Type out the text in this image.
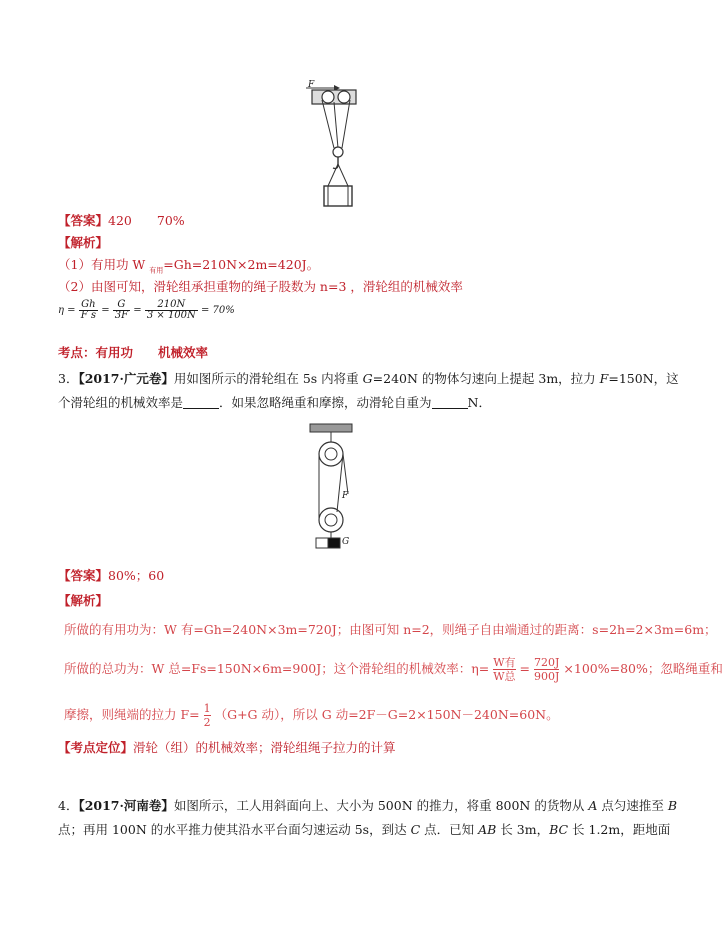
F
【答案】420　　70%
【解析】
（1）有用功 W $_{有用}$=Gh=210N×2m=420J。
（2）由图可知，滑轮组承担重物的绳子股数为 n=3 ，滑轮组的机械效率
$\eta = \frac{Gh}{\text{F s}} = \frac{G}{3F} = \frac{210N}{3 \times 100N} = 70\%$
考点：有用功　　机械效率
3．【2017·广元卷】用如图所示的滑轮组在 5s 内将重 G=240N 的物体匀速向上提起 3m，拉力 F=150N，这
个滑轮组的机械效率是	．如果忽略绳重和摩擦，动滑轮自重为	N．
F
G
【答案】80%；60
【解析】
所做的有用功为：W 有=Gh=240N×3m=720J；由图可知 n=2，则绳子自由端通过的距离：s=2h=2×3m=6m；
所做的总功为：W 总=Fs=150N×6m=900J；这个滑轮组的机械效率：η= W有
W总 = $\frac{720J}{900J} \times 100\%=80\%$；忽略绳重和
摩擦，则绳端的拉力 $F= \frac{1}{2} (G+G$ 动），所以 G 动=2F－G=2×150N－240N=60N。
【考点定位】滑轮（组）的机械效率；滑轮组绳子拉力的计算
4．【2017·河南卷】如图所示，工人用斜面向上、大小为 500N 的推力，将重 800N 的货物从 A 点匀速推至 B
点；再用 100N 的水平推力使其沿水平台面匀速运动 5s，到达 C 点．已知 AB 长 3m，BC 长 1.2m，距地面
